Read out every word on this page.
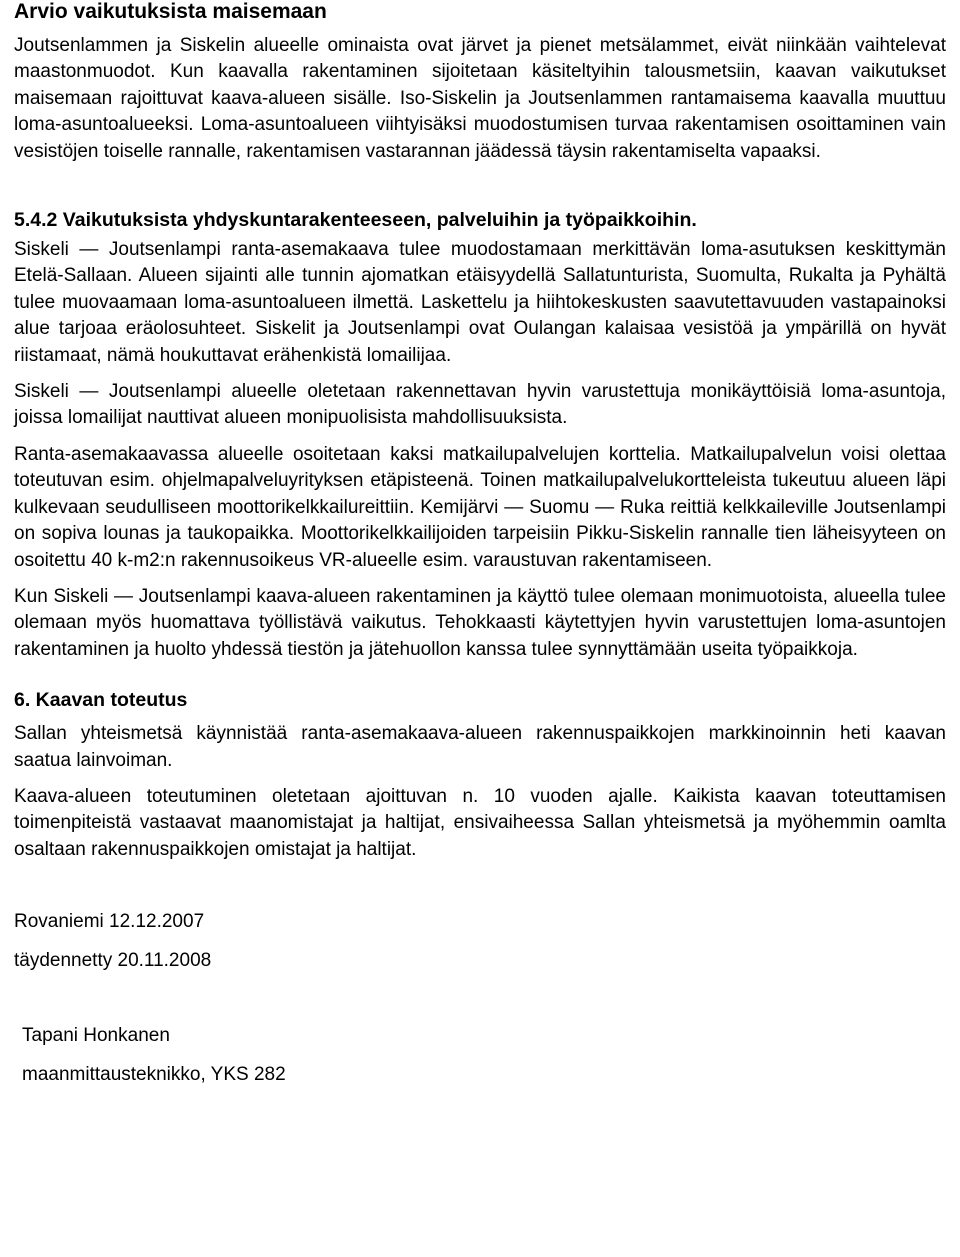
Arvio vaikutuksista maisemaan

Joutsenlammen ja Siskelin alueelle ominaista ovat järvet ja pienet metsälammet, eivät niinkään vaihtelevat maastonmuodot. Kun kaavalla rakentaminen sijoitetaan käsiteltyihin talousmetsiin, kaavan vaikutukset maisemaan rajoittuvat kaava-alueen sisälle. Iso-Siskelin ja Joutsenlammen rantamaisema kaavalla muuttuu loma-asuntoalueeksi. Loma-asuntoalueen viihtyisäksi muodostumisen turvaa rakentamisen osoittaminen vain vesistöjen toiselle rannalle, rakentamisen vastarannan jäädessä täysin rakentamiselta vapaaksi.

5.4.2 Vaikutuksista yhdyskuntarakenteeseen, palveluihin ja työpaikkoihin.

Siskeli — Joutsenlampi ranta-asemakaava tulee muodostamaan merkittävän loma-asutuksen keskittymän Etelä-Sallaan. Alueen sijainti alle tunnin ajomatkan etäisyydellä Sallatunturista, Suomulta, Rukalta ja Pyhältä tulee muovaamaan loma-asuntoalueen ilmettä. Laskettelu ja hiihtokeskusten saavutettavuuden vastapainoksi alue tarjoaa eräolosuhteet. Siskelit ja Joutsenlampi ovat Oulangan kalaisaa vesistöä ja ympärillä on hyvät riistamaat, nämä houkuttavat erähenkistä lomailijaa.

Siskeli — Joutsenlampi alueelle oletetaan rakennettavan hyvin varustettuja monikäyttöisiä loma-asuntoja, joissa lomailijat nauttivat alueen monipuolisista mahdollisuuksista.

Ranta-asemakaavassa alueelle osoitetaan kaksi matkailupalvelujen korttelia. Matkailupalvelun voisi olettaa toteutuvan esim. ohjelmapalveluyrityksen etäpisteenä. Toinen matkailupalvelukortteleista tukeutuu alueen läpi kulkevaan seudulliseen moottorikelkkailureittiin. Kemijärvi — Suomu — Ruka reittiä kelkkaileville Joutsenlampi on sopiva lounas ja taukopaikka. Moottorikelkkailijoiden tarpeisiin Pikku-Siskelin rannalle tien läheisyyteen on osoitettu 40 k-m2:n rakennusoikeus VR-alueelle esim. varaustuvan rakentamiseen.

Kun Siskeli — Joutsenlampi kaava-alueen rakentaminen ja käyttö tulee olemaan monimuotoista, alueella tulee olemaan myös huomattava työllistävä vaikutus. Tehokkaasti käytettyjen hyvin varustettujen loma-asuntojen rakentaminen ja huolto yhdessä tiestön ja jätehuollon kanssa tulee synnyttämään useita työpaikkoja.

6. Kaavan toteutus

Sallan yhteismetsä käynnistää ranta-asemakaava-alueen rakennuspaikkojen markkinoinnin heti kaavan saatua lainvoiman.

Kaava-alueen toteutuminen oletetaan ajoittuvan n. 10 vuoden ajalle. Kaikista kaavan toteuttamisen toimenpiteistä vastaavat maanomistajat ja haltijat, ensivaiheessa Sallan yhteismetsä ja myöhemmin oamlta osaltaan rakennuspaikkojen omistajat ja haltijat.

Rovaniemi 12.12.2007

täydennetty 20.11.2008

Tapani Honkanen

maanmittausteknikko, YKS 282
